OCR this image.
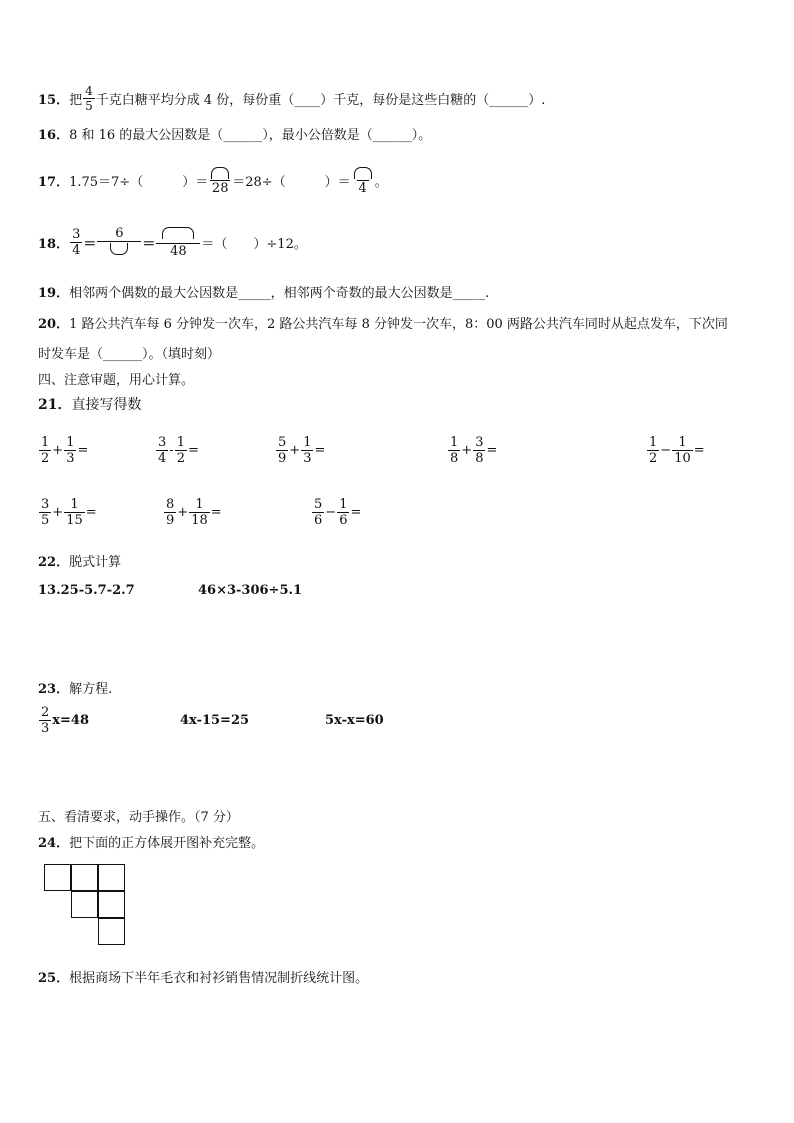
15． 把 $\frac{4}{5}$ 千克白糖平均分成 4 份，每份重（____）千克，每份是这些白糖的（______）.
16． 8 和 16 的最大公因数是（______），最小公倍数是（______）。
17． 1.75＝7÷（　　　）＝ 28 ＝28÷（　　　）＝ 4 。
18． $\frac{3}{4}$ ＝
6
＝	48	＝（　　）÷12。
19． 相邻两个偶数的最大公因数是_____，相邻两个奇数的最大公因数是_____.
20． 1 路公共汽车每 6 分钟发一次车，2 路公共汽车每 8 分钟发一次车，8：00 两路公共汽车同时从起点发车，下次同
时发车是（______）。（填时刻）
四、注意审题，用心计算。
21． 直接写得数
$\frac{1}{2} + \frac{1}{3}$ =	$\frac{3}{4} - \frac{1}{2}$ =	$\frac{5}{9} + \frac{1}{3}$ =	$\frac{1}{8} + \frac{3}{8}$ =	$\frac{1}{2} - \frac{1}{10}$ =
$\frac{3}{5} + \frac{1}{15}$ =	$\frac{8}{9} + \frac{1}{18}$ =	$\frac{5}{6} - \frac{1}{6}$ =
22． 脱式计算
13.25-5.7-2.7	46×3-306÷5.1
23． 解方程.
$\frac{2}{3} x=48$	4x-15=25	5x-x=60
五、看清要求，动手操作。（7 分）
24． 把下面的正方体展开图补充完整。
25． 根据商场下半年毛衣和衬衫销售情况制折线统计图。
